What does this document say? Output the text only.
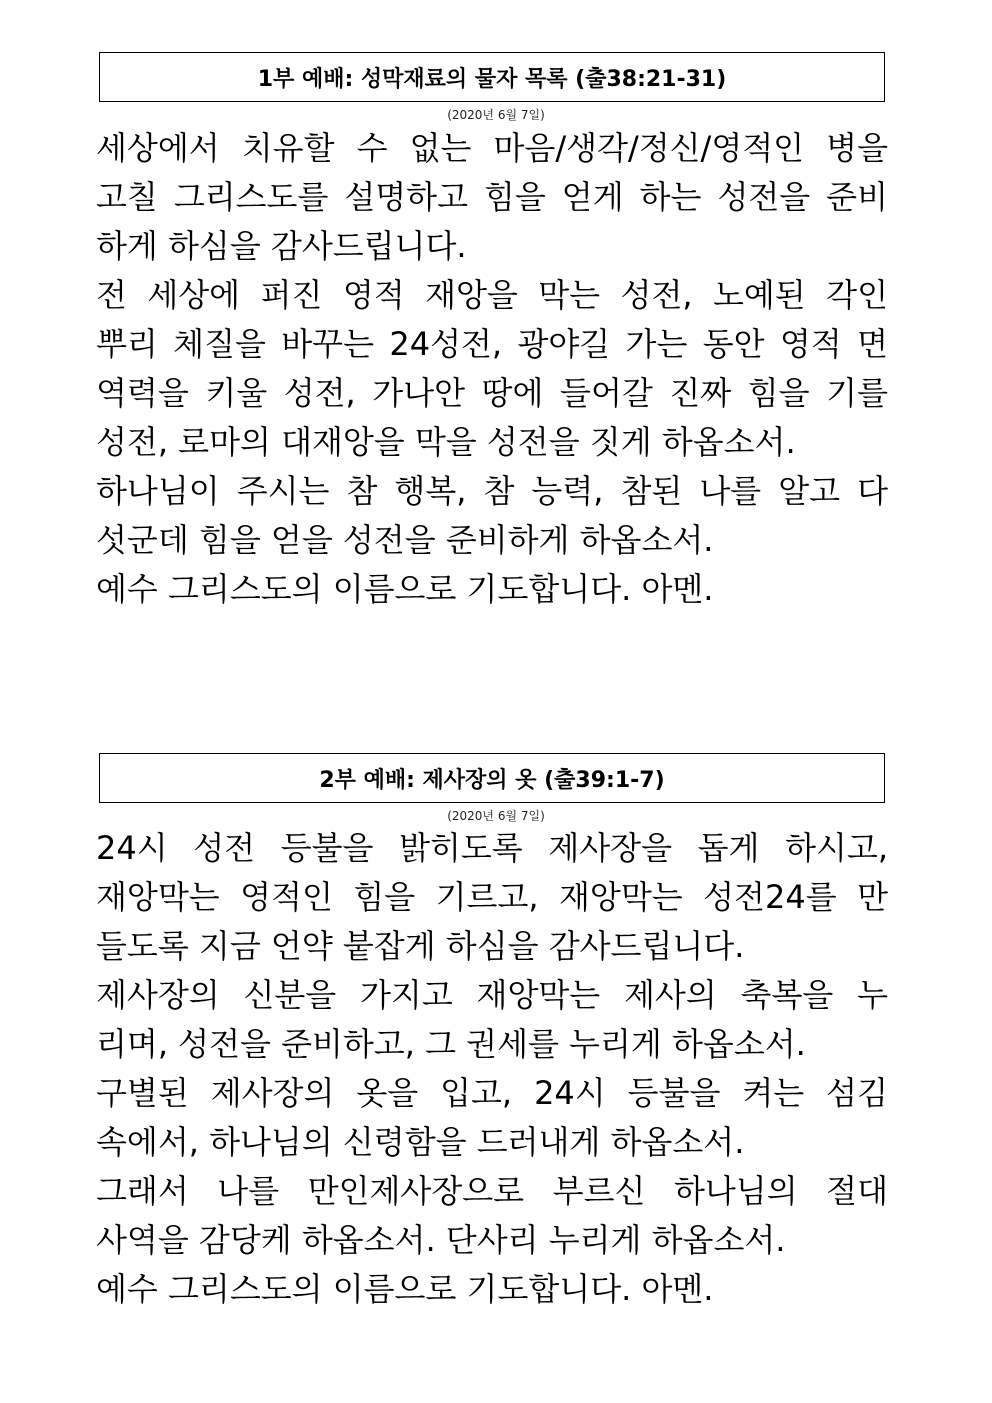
1부 예배: 성막재료의 물자 목록 (출38:21-31)
(2020년 6월 7일)
세상에서 치유할 수 없는 마음/생각/정신/영적인 병을
고칠 그리스도를 설명하고 힘을 얻게 하는 성전을 준비
하게 하심을 감사드립니다.
전 세상에 퍼진 영적 재앙을 막는 성전, 노예된 각인
뿌리 체질을 바꾸는 24성전, 광야길 가는 동안 영적 면
역력을 키울 성전, 가나안 땅에 들어갈 진짜 힘을 기를
성전, 로마의 대재앙을 막을 성전을 짓게 하옵소서.
하나님이 주시는 참 행복, 참 능력, 참된 나를 알고 다
섯군데 힘을 얻을 성전을 준비하게 하옵소서.
예수 그리스도의 이름으로 기도합니다. 아멘.
2부 예배: 제사장의 옷 (출39:1-7)
(2020년 6월 7일)
24시 성전 등불을 밝히도록 제사장을 돕게 하시고,
재앙막는 영적인 힘을 기르고, 재앙막는 성전24를 만
들도록 지금 언약 붙잡게 하심을 감사드립니다.
제사장의 신분을 가지고 재앙막는 제사의 축복을 누
리며, 성전을 준비하고, 그 권세를 누리게 하옵소서.
구별된 제사장의 옷을 입고, 24시 등불을 켜는 섬김
속에서, 하나님의 신령함을 드러내게 하옵소서.
그래서 나를 만인제사장으로 부르신 하나님의 절대
사역을 감당케 하옵소서. 단사리 누리게 하옵소서.
예수 그리스도의 이름으로 기도합니다. 아멘.
